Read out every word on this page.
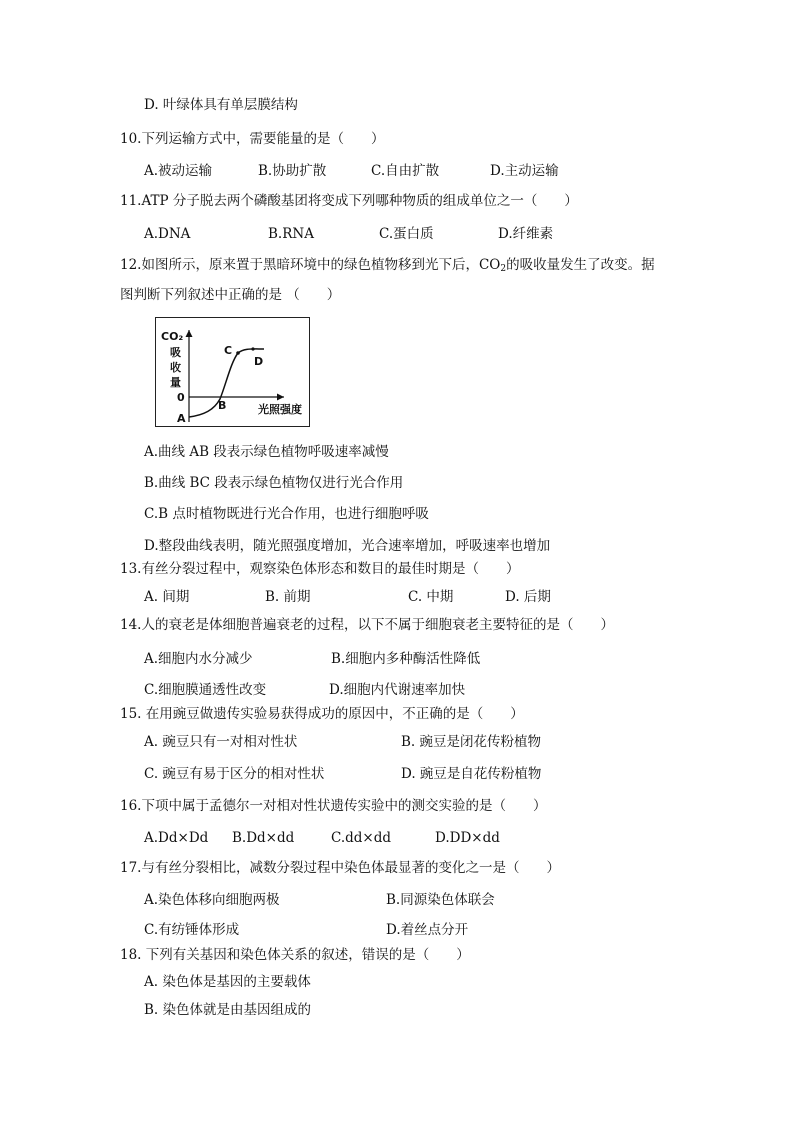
D. 叶绿体具有单层膜结构
10.下列运输方式中，需要能量的是（　　）
A.被动运输	B.协助扩散	C.自由扩散	D.主动运输
11.ATP 分子脱去两个磷酸基团将变成下列哪种物质的组成单位之一（　　）
A.DNA	B.RNA	C.蛋白质	D.纤维素
12.如图所示，原来置于黑暗环境中的绿色植物移到光下后，$CO_2$的吸收量发生了改变。据
图判断下列叙述中正确的是 （　　）
CO₂
吸
收
量
0
光照强度
A
B
C
D
A.曲线 AB 段表示绿色植物呼吸速率减慢
B.曲线 BC 段表示绿色植物仅进行光合作用
C.B 点时植物既进行光合作用，也进行细胞呼吸
D.整段曲线表明，随光照强度增加，光合速率增加，呼吸速率也增加
13.有丝分裂过程中，观察染色体形态和数目的最佳时期是（　　）
A. 间期	B. 前期	C. 中期	D. 后期
14.人的衰老是体细胞普遍衰老的过程，以下不属于细胞衰老主要特征的是（　　）
A.细胞内水分减少	B.细胞内多种酶活性降低
C.细胞膜通透性改变	D.细胞内代谢速率加快
15. 在用豌豆做遗传实验易获得成功的原因中，不正确的是（　　）
A. 豌豆只有一对相对性状	B. 豌豆是闭花传粉植物
C. 豌豆有易于区分的相对性状	D. 豌豆是自花传粉植物
16.下项中属于孟德尔一对相对性状遗传实验中的测交实验的是（　　）
A.Dd×Dd B.Dd×dd	C.dd×dd	D.DD×dd
17.与有丝分裂相比，减数分裂过程中染色体最显著的变化之一是（　　）
A.染色体移向细胞两极	B.同源染色体联会
C.有纺锤体形成	D.着丝点分开
18. 下列有关基因和染色体关系的叙述，错误的是（　　）
A. 染色体是基因的主要载体
B. 染色体就是由基因组成的
